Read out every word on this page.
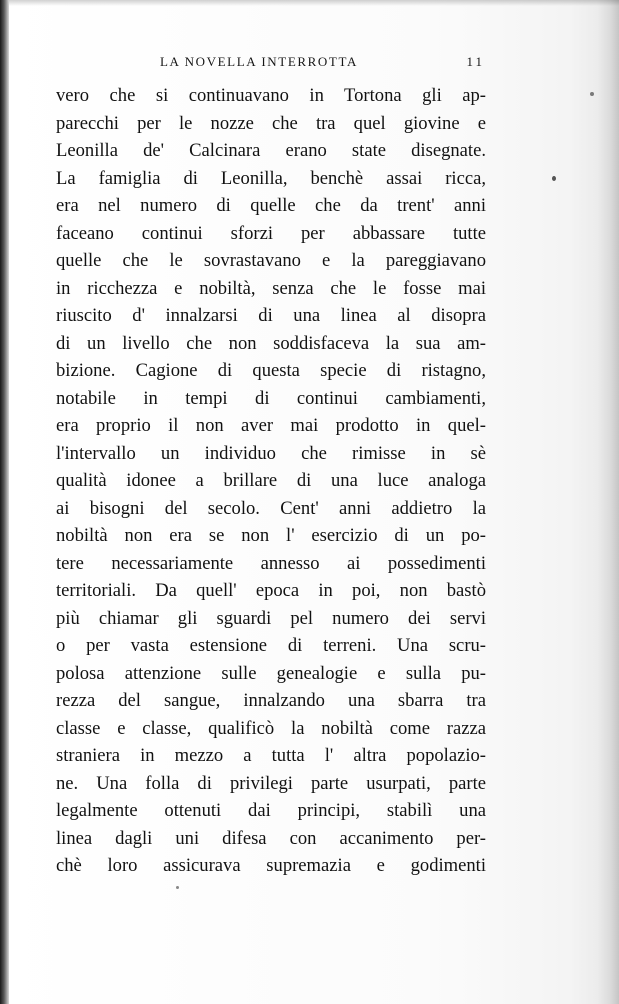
LA NOVELLA INTERROTTA	11
vero che si continuavano in Tortona gli ap-
parecchi per le nozze che tra quel giovine e
Leonilla de' Calcinara erano state disegnate.
La famiglia di Leonilla, benchè assai ricca,
era nel numero di quelle che da trent' anni
faceano continui sforzi per abbassare tutte
quelle che le sovrastavano e la pareggiavano
in ricchezza e nobiltà, senza che le fosse mai
riuscito d' innalzarsi di una linea al disopra
di un livello che non soddisfaceva la sua am-
bizione. Cagione di questa specie di ristagno,
notabile in tempi di continui cambiamenti,
era proprio il non aver mai prodotto in quel-
l'intervallo un individuo che rimisse in sè
qualità idonee a brillare di una luce analoga
ai bisogni del secolo. Cent' anni addietro la
nobiltà non era se non l' esercizio di un po-
tere necessariamente annesso ai possedimenti
territoriali. Da quell' epoca in poi, non bastò
più chiamar gli sguardi pel numero dei servi
o per vasta estensione di terreni. Una scru-
polosa attenzione sulle genealogie e sulla pu-
rezza del sangue, innalzando una sbarra tra
classe e classe, qualificò la nobiltà come razza
straniera in mezzo a tutta l' altra popolazio-
ne. Una folla di privilegi parte usurpati, parte
legalmente ottenuti dai principi, stabilì una
linea dagli uni difesa con accanimento per-
chè loro assicurava supremazia e godimenti
